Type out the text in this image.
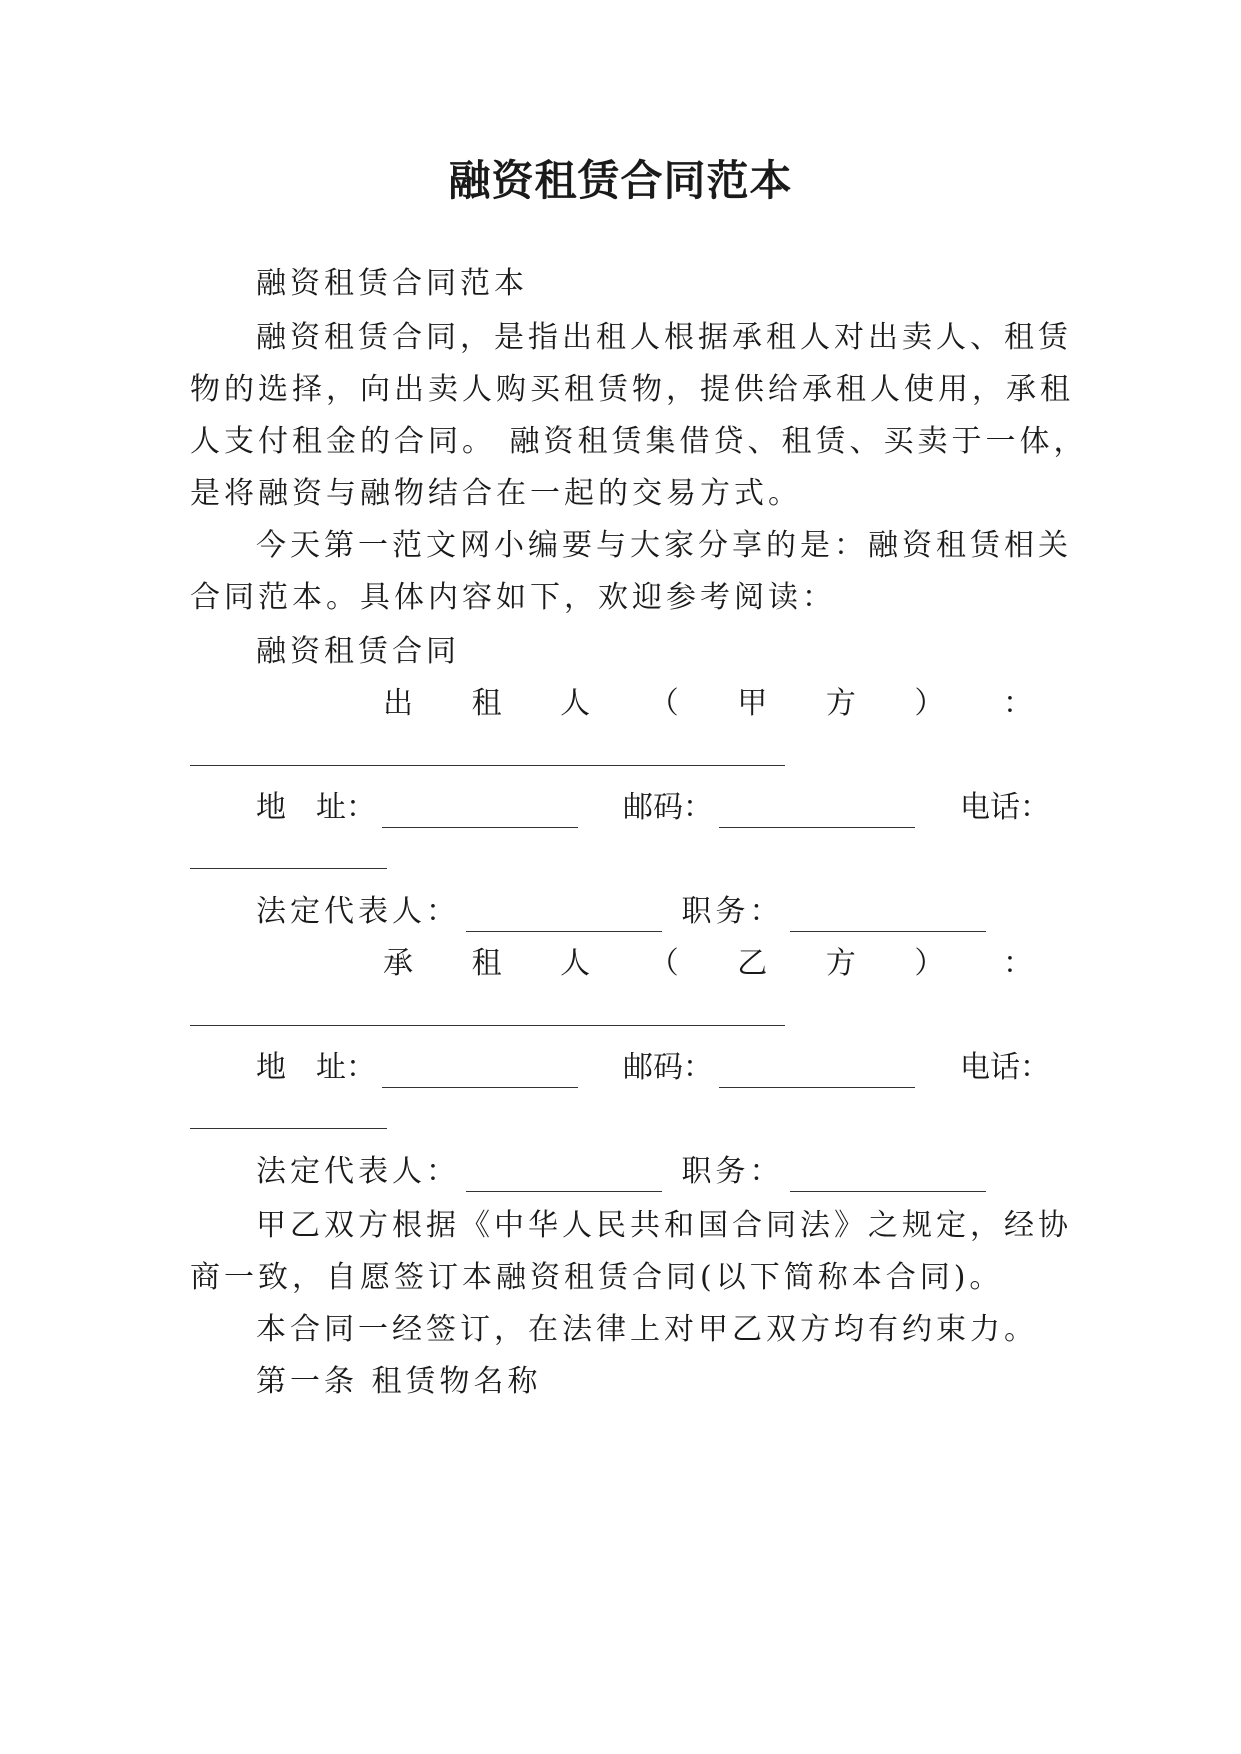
融资租赁合同范本
融资租赁合同范本
融资租赁合同，是指出租人根据承租人对出卖人、租赁
物的选择，向出卖人购买租赁物，提供给承租人使用，承租
人支付租金的合同。 融资租赁集借贷、租赁、买卖于一体，
是将融资与融物结合在一起的交易方式。
今天第一范文网小编要与大家分享的是：融资租赁相关
合同范本。具体内容如下，欢迎参考阅读：
融资租赁合同
出 租 人 （ 甲 方 ） ：
地　址：	邮码：	电话：
法定代表人：	职务：
承 租 人 （ 乙 方 ） ：
地　址：	邮码：	电话：
法定代表人：	职务：
甲乙双方根据《中华人民共和国合同法》之规定，经协
商一致，自愿签订本融资租赁合同(以下简称本合同)。
本合同一经签订，在法律上对甲乙双方均有约束力。
第一条 租赁物名称
